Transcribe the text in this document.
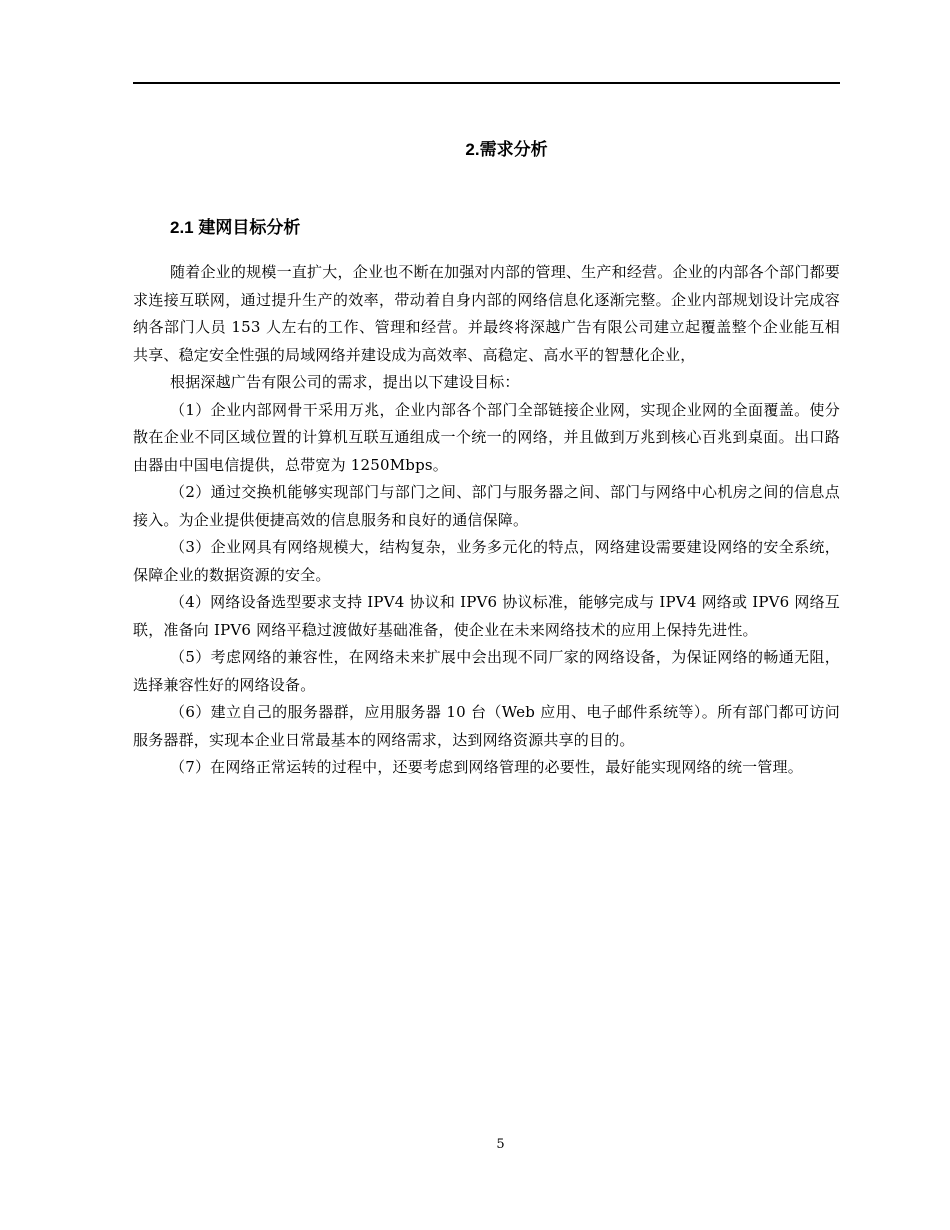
2.需求分析
2.1 建网目标分析

随着企业的规模一直扩大，企业也不断在加强对内部的管理、生产和经营。企业的内部各个部门都要求连接互联网，通过提升生产的效率，带动着自身内部的网络信息化逐渐完整。企业内部规划设计完成容纳各部门人员 153 人左右的工作、管理和经营。并最终将深越广告有限公司建立起覆盖整个企业能互相共享、稳定安全性强的局域网络并建设成为高效率、高稳定、高水平的智慧化企业，

根据深越广告有限公司的需求，提出以下建设目标：

（1）企业内部网骨干采用万兆，企业内部各个部门全部链接企业网，实现企业网的全面覆盖。使分散在企业不同区域位置的计算机互联互通组成一个统一的网络，并且做到万兆到核心百兆到桌面。出口路由器由中国电信提供，总带宽为 1250Mbps。

（2）通过交换机能够实现部门与部门之间、部门与服务器之间、部门与网络中心机房之间的信息点接入。为企业提供便捷高效的信息服务和良好的通信保障。

（3）企业网具有网络规模大，结构复杂，业务多元化的特点，网络建设需要建设网络的安全系统，保障企业的数据资源的安全。

（4）网络设备选型要求支持 IPV4 协议和 IPV6 协议标准，能够完成与 IPV4 网络或 IPV6 网络互联，准备向 IPV6 网络平稳过渡做好基础准备，使企业在未来网络技术的应用上保持先进性。

（5）考虑网络的兼容性，在网络未来扩展中会出现不同厂家的网络设备，为保证网络的畅通无阻，选择兼容性好的网络设备。

（6）建立自己的服务器群，应用服务器 10 台（Web 应用、电子邮件系统等）。所有部门都可访问服务器群，实现本企业日常最基本的网络需求，达到网络资源共享的目的。

（7）在网络正常运转的过程中，还要考虑到网络管理的必要性，最好能实现网络的统一管理。

5
